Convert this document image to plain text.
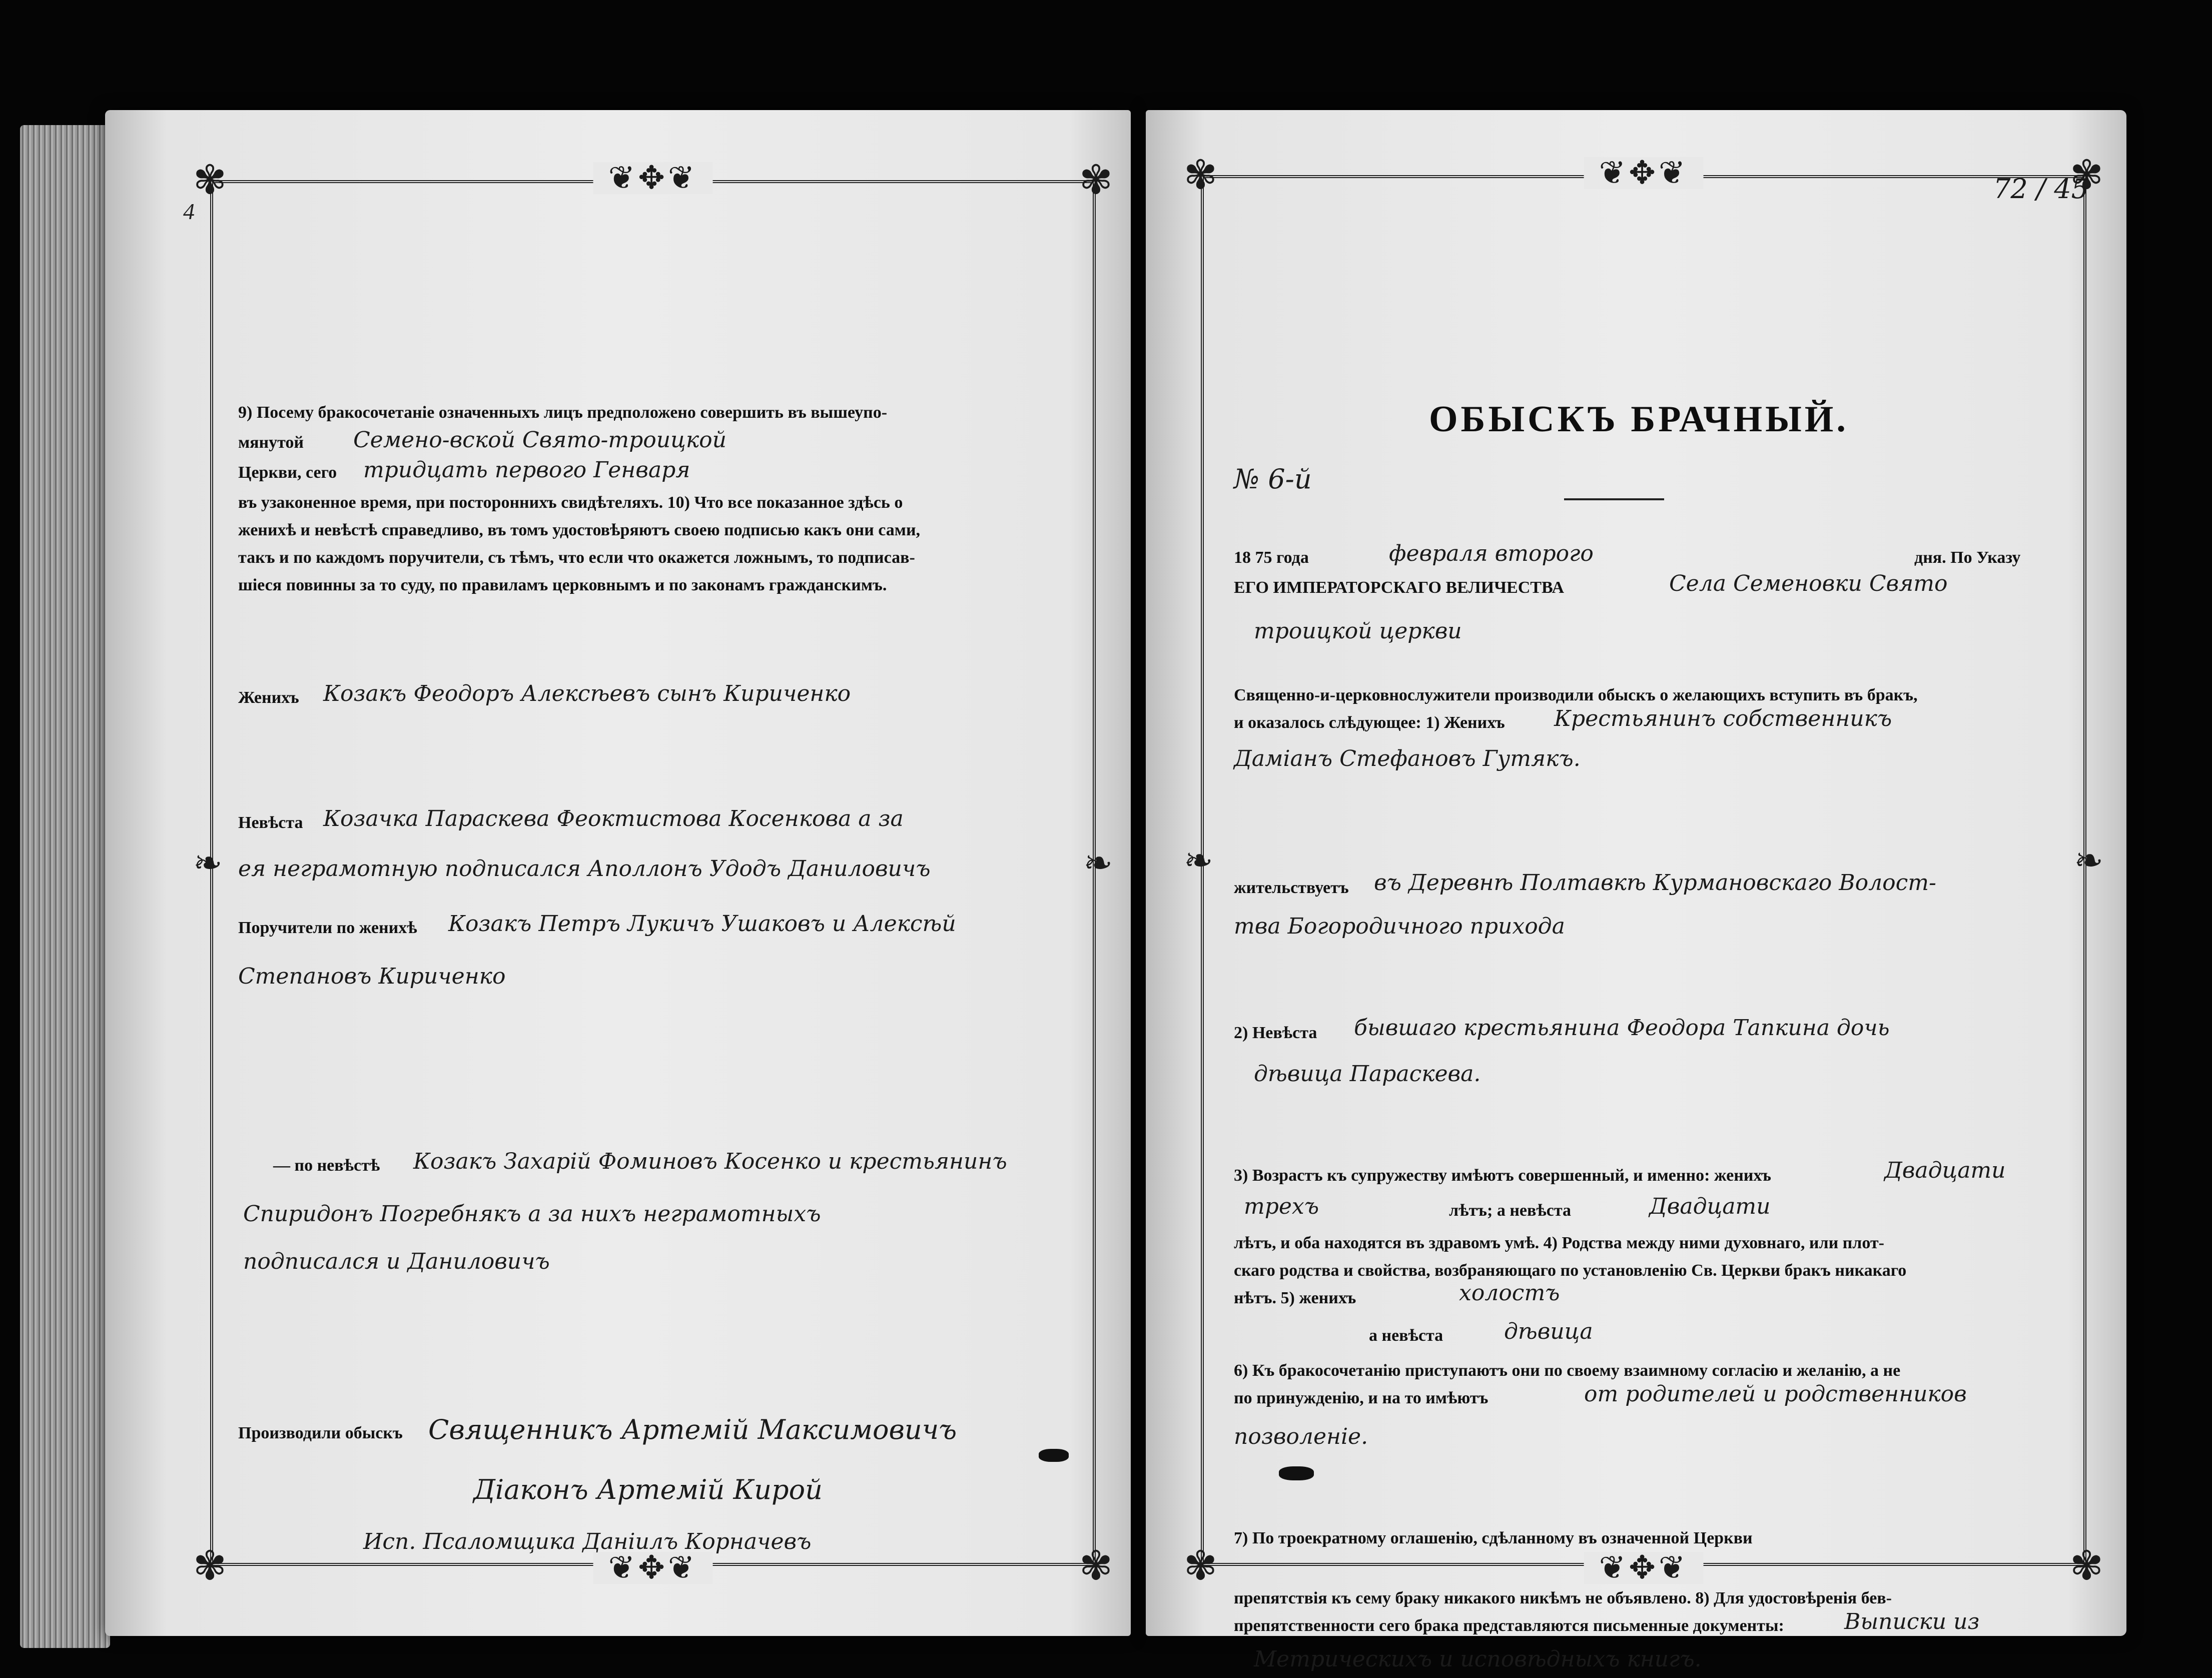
❦✥❦
❦✥❦
✾	✾
✾	✾
❧	❧
4
9) Посему бракосочетаніе означенныхъ лицъ предположено совершить въ вышеупо-
мянутой Семено-вской Свято-троицкой
Церкви, сего тридцать первого Генваря
въ узаконенное время, при постороннихъ свидѣтеляхъ. 10) Что все показанное здѣсь о
женихѣ и невѣстѣ справедливо, въ томъ удостовѣряютъ своею подписью какъ они сами,
такъ и по каждомъ поручители, съ тѣмъ, что если что окажется ложнымъ, то подписав-
шіеся повинны за то суду, по правиламъ церковнымъ и по законамъ гражданскимъ.
Женихъ Козакъ Феодоръ Алексѣевъ сынъ Кириченко
Невѣста Козачка Параскева Феоктистова Косенкова а за
ея неграмотную подписался Аполлонъ Удодъ Даниловичъ
Поручители по женихѣ Козакъ Петръ Лукичъ Ушаковъ и Алексѣй
Степановъ Кириченко
— по невѣстѣ Козакъ Захарій Фоминовъ Косенко и крестьянинъ
Спиридонъ Погребнякъ а за нихъ неграмотныхъ
подписался и Даниловичъ
Производили обыскъ Священникъ Артемій Максимовичъ
Діаконъ Артемій Кирой
Исп. Псаломщика Даніилъ Корначевъ
❦✥❦
❦✥❦
✾	✾
✾	✾
❧	❧
72 / 45
ОБЫСКЪ БРАЧНЫЙ.
№ 6-й
18 75 года	февраля второго	дня. По Указу
ЕГО ИМПЕРАТОРСКАГО ВЕЛИЧЕСТВА	Села Семеновки Свято
троицкой церкви
Священно-и-церковнослужители производили обыскъ о желающихъ вступить въ бракъ,
и оказалось слѣдующее: 1) Женихъ Крестьянинъ собственникъ
Даміанъ Стефановъ Гутякъ.
жительствуетъ въ Деревнѣ Полтавкѣ Курмановскаго Волост-
тва Богородичного прихода
2) Невѣста бывшаго крестьянина Феодора Тапкина дочь
дѣвица Параскева.
3) Возрастъ къ супружеству имѣютъ совершенный, и именно: женихъ	Двадцати
трехъ	лѣтъ; а невѣста	Двадцати
лѣтъ, и оба находятся въ здравомъ умѣ. 4) Родства между ними духовнаго, или плот-
скаго родства и свойства, возбраняющаго по установленію Св. Церкви бракъ никакаго
нѣтъ. 5) женихъ	холостъ
а невѣста	дѣвица
6) Къ бракосочетанію приступаютъ они по своему взаимному согласію и желанію, а не
по принужденію, и на то имѣютъ	от родителей и родственников
позволеніе.
7) По троекратному оглашенію, сдѣланному въ означенной Церкви
препятствія къ сему браку никакого никѣмъ не объявлено. 8) Для удостовѣренія бев-
препятственности сего брака представляются письменные документы:	Выписки из
Метрическихъ и исповѣдныхъ книгъ.
